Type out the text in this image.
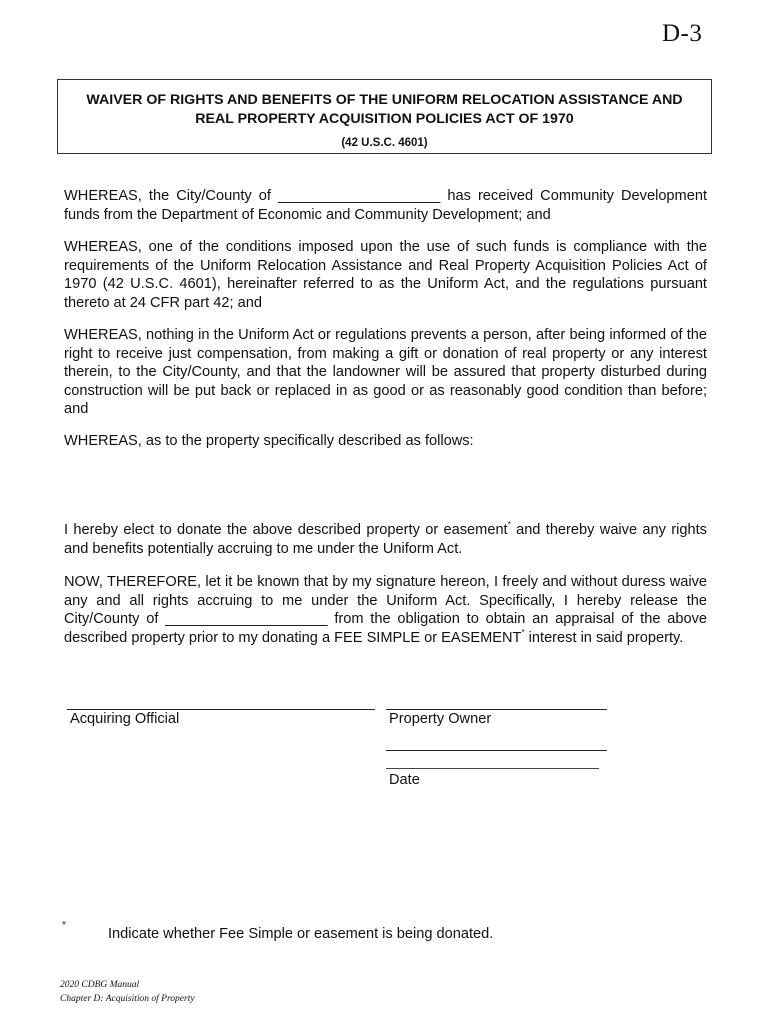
D-3
WAIVER OF RIGHTS AND BENEFITS OF THE UNIFORM RELOCATION ASSISTANCE AND
REAL PROPERTY ACQUISITION POLICIES ACT OF 1970
(42 U.S.C. 4601)

WHEREAS, the City/County of ____________________ has received Community Development funds from the Department of Economic and Community Development; and

WHEREAS, one of the conditions imposed upon the use of such funds is compliance with the requirements of the Uniform Relocation Assistance and Real Property Acquisition Policies Act of 1970 (42 U.S.C. 4601), hereinafter referred to as the Uniform Act, and the regulations pursuant thereto at 24 CFR part 42; and

WHEREAS, nothing in the Uniform Act or regulations prevents a person, after being informed of the right to receive just compensation, from making a gift or donation of real property or any interest therein, to the City/County, and that the landowner will be assured that property disturbed during construction will be put back or replaced in as good or as reasonably good condition than before; and

WHEREAS, as to the property specifically described as follows:

I hereby elect to donate the above described property or easement* and thereby waive any rights and benefits potentially accruing to me under the Uniform Act.

NOW, THEREFORE, let it be known that by my signature hereon, I freely and without duress waive any and all rights accruing to me under the Uniform Act. Specifically, I hereby release the City/County of ____________________ from the obligation to obtain an appraisal of the above described property prior to my donating a FEE SIMPLE or EASEMENT* interest in said property.

Acquiring Official	Property Owner
Date
*
Indicate whether Fee Simple or easement is being donated.
2020 CDBG Manual
Chapter D: Acquisition of Property
